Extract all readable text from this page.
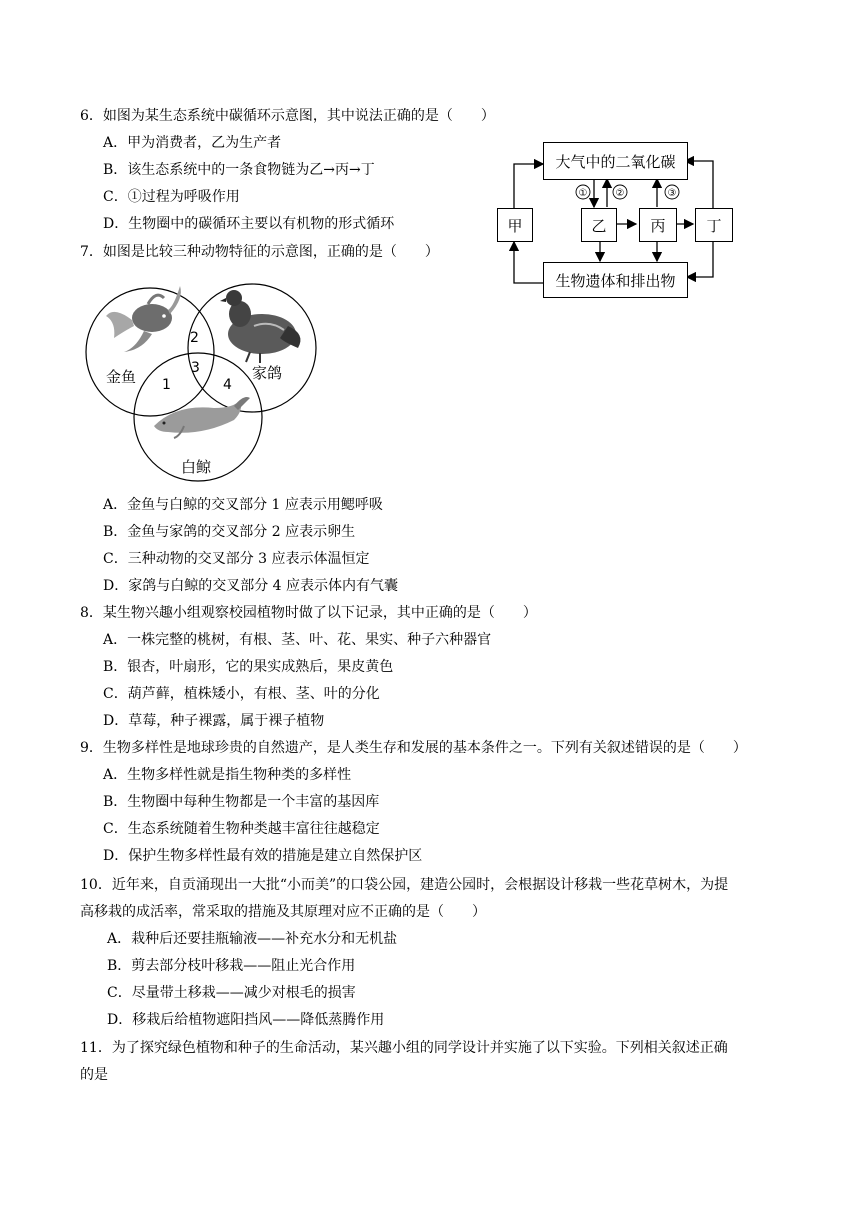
6．如图为某生态系统中碳循环示意图，其中说法正确的是（　　）
A．甲为消费者，乙为生产者
B．该生态系统中的一条食物链为乙→丙→丁
C．①过程为呼吸作用
D．生物圈中的碳循环主要以有机物的形式循环
①	②	③
大气中的二氧化碳
甲	乙	丙	丁
生物遗体和排出物
7．如图是比较三种动物特征的示意图，正确的是（　　）
金鱼	家鸽
白鲸
2
3
1	4
A．金鱼与白鲸的交叉部分 1 应表示用鳃呼吸
B．金鱼与家鸽的交叉部分 2 应表示卵生
C．三种动物的交叉部分 3 应表示体温恒定
D．家鸽与白鲸的交叉部分 4 应表示体内有气囊
8．某生物兴趣小组观察校园植物时做了以下记录，其中正确的是（　　）
A．一株完整的桃树，有根、茎、叶、花、果实、种子六种器官
B．银杏，叶扇形，它的果实成熟后，果皮黄色
C．葫芦藓，植株矮小，有根、茎、叶的分化
D．草莓，种子裸露，属于裸子植物
9．生物多样性是地球珍贵的自然遗产，是人类生存和发展的基本条件之一。下列有关叙述错误的是（　　）
A．生物多样性就是指生物种类的多样性
B．生物圈中每种生物都是一个丰富的基因库
C．生态系统随着生物种类越丰富往往越稳定
D．保护生物多样性最有效的措施是建立自然保护区
10．近年来，自贡涌现出一大批“小而美”的口袋公园，建造公园时，会根据设计移栽一些花草树木，为提
高移栽的成活率，常采取的措施及其原理对应不正确的是（　　）
A．栽种后还要挂瓶输液——补充水分和无机盐
B．剪去部分枝叶移栽——阻止光合作用
C．尽量带土移栽——减少对根毛的损害
D．移栽后给植物遮阳挡风——降低蒸腾作用
11．为了探究绿色植物和种子的生命活动，某兴趣小组的同学设计并实施了以下实验。下列相关叙述正确
的是
